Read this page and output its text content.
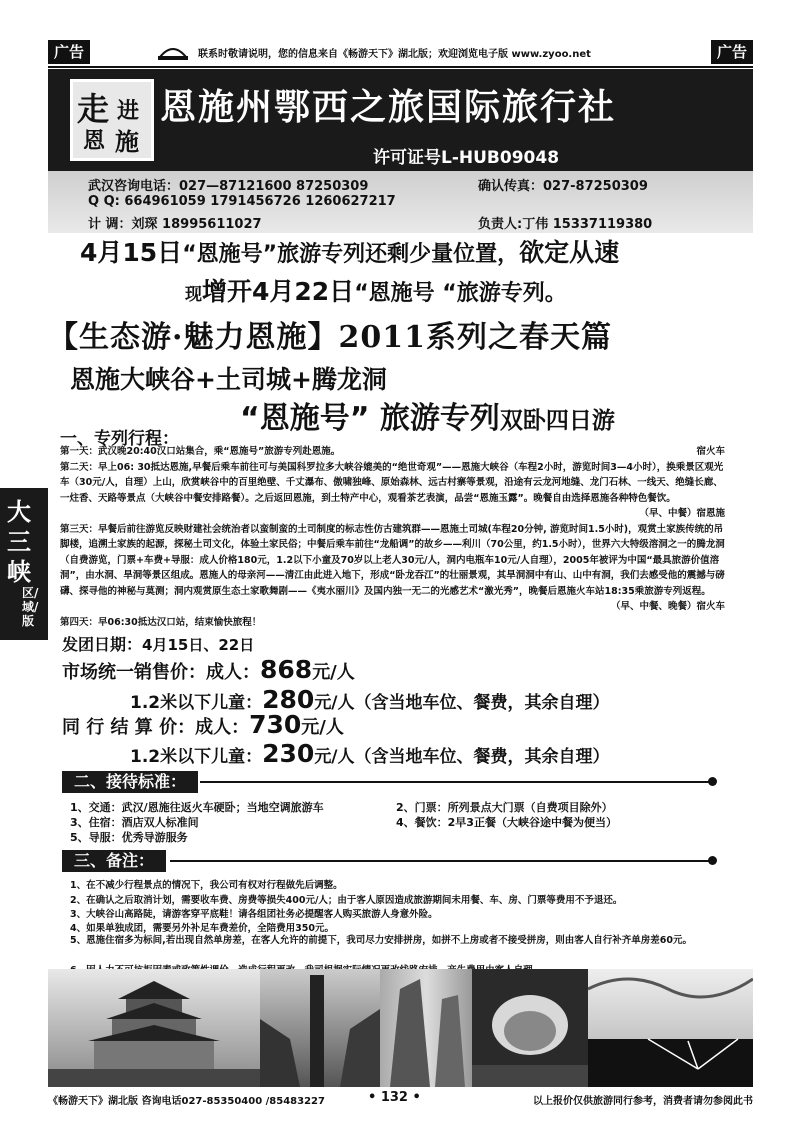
广告	联系时敬请说明，您的信息来自《畅游天下》湖北版；欢迎浏览电子版 www.zyoo.net	广告
走 进
恩 施
恩施州鄂西之旅国际旅行社
许可证号L-HUB09048
武汉咨询电话：027—87121600 87250309	确认传真：027-87250309
Q Q: 664961059 1791456726 1260627217
计 调：刘琛 18995611027	负责人:丁伟 15337119380
4月15日“恩施号”旅游专列还剩少量位置，欲定从速
现增开4月22日“恩施号 “旅游专列。
【生态游·魅力恩施】2011系列之春天篇
恩施大峡谷+土司城+腾龙洞
“恩施号” 旅游专列双卧四日游
一、专列行程：
第一天：武汉晚20:40汉口站集合，乘“恩施号”旅游专列赴恩施。	宿火车
第二天：早上06: 30抵达恩施,早餐后乘车前往可与美国科罗拉多大峡谷媲美的“绝世奇观”——恩施大峡谷（车程2小时，游览时间3—4小时），换乘景区观光车（30元/人，自理）上山，欣赏峡谷中的百里绝壁、千丈瀑布、傲啸独峰、原始森林、远古村寨等景观，沿途有云龙河地缝、龙门石林、一线天、绝缝长廊、一炷香、天路等景点（大峡谷中餐安排路餐）。之后返回恩施，到土特产中心，观看茶艺表演，品尝“恩施玉露”。晚餐自由选择恩施各种特色餐饮。
（早、中餐）宿恩施
第三天：早餐后前往游览反映财建社会统治者以蛮制蛮的土司制度的标志性仿古建筑群——恩施土司城(车程20分钟, 游览时间1.5小时)，观赏土家族传统的吊脚楼，追溯土家族的起源，探秘土司文化，体验土家民俗；中餐后乘车前往“龙船调”的故乡——利川（70公里，约1.5小时），世界六大特级溶洞之一的腾龙洞（自费游览，门票+车费+导服：成人价格180元，1.2以下小童及70岁以上老人30元/人，洞内电瓶车10元/人自理），2005年被评为中国“最具旅游价值溶洞”，由水洞、旱洞等景区组成。恩施人的母亲河——清江由此进入地下，形成“卧龙吞江”的壮丽景观，其旱洞洞中有山、山中有洞，我们去感受他的震撼与磅礴、探寻他的神秘与莫测；洞内观赏原生态土家歌舞剧——《夷水丽川》及国内独一无二的光感艺术“激光秀”，晚餐后恩施火车站18:35乘旅游专列返程。
（早、中餐、晚餐）宿火车
第四天：早06:30抵达汉口站，结束愉快旅程！
大
三
峡
区/域/版
发团日期：4月15日、22日
市场统一销售价：成人：868元/人
1.2米以下儿童：280元/人（含当地车位、餐费，其余自理）
同 行 结 算 价：成人：730元/人
1.2米以下儿童：230元/人（含当地车位、餐费，其余自理）
二、接待标准：
1、交通：武汉/恩施往返火车硬卧；当地空调旅游车	2、门票：所列景点大门票（自费项目除外）
3、住宿：酒店双人标准间	4、餐饮：2早3正餐（大峡谷途中餐为便当）
5、导服：优秀导游服务
三、备注：
1、在不减少行程景点的情况下，我公司有权对行程做先后调整。
2、在确认之后取消计划，需要收车费、房费等损失400元/人；由于客人原因造成旅游期间未用餐、车、房、门票等费用不予退还。
3、大峡谷山高路陡，请游客穿平底鞋！请各组团社务必提醒客人购买旅游人身意外险。
4、如果单独成团，需要另外补足车费差价，全陪费用350元。
5、恩施住宿多为标间,若出现自然单房差，在客人允许的前提下，我司尽力安排拼房，如拼不上房或者不接受拼房，则由客人自行补齐单房差60元。
《畅游天下》湖北版 咨询电话027-85350400 /85483227	• 132 •	以上报价仅供旅游同行参考，消费者请勿参阅此书
